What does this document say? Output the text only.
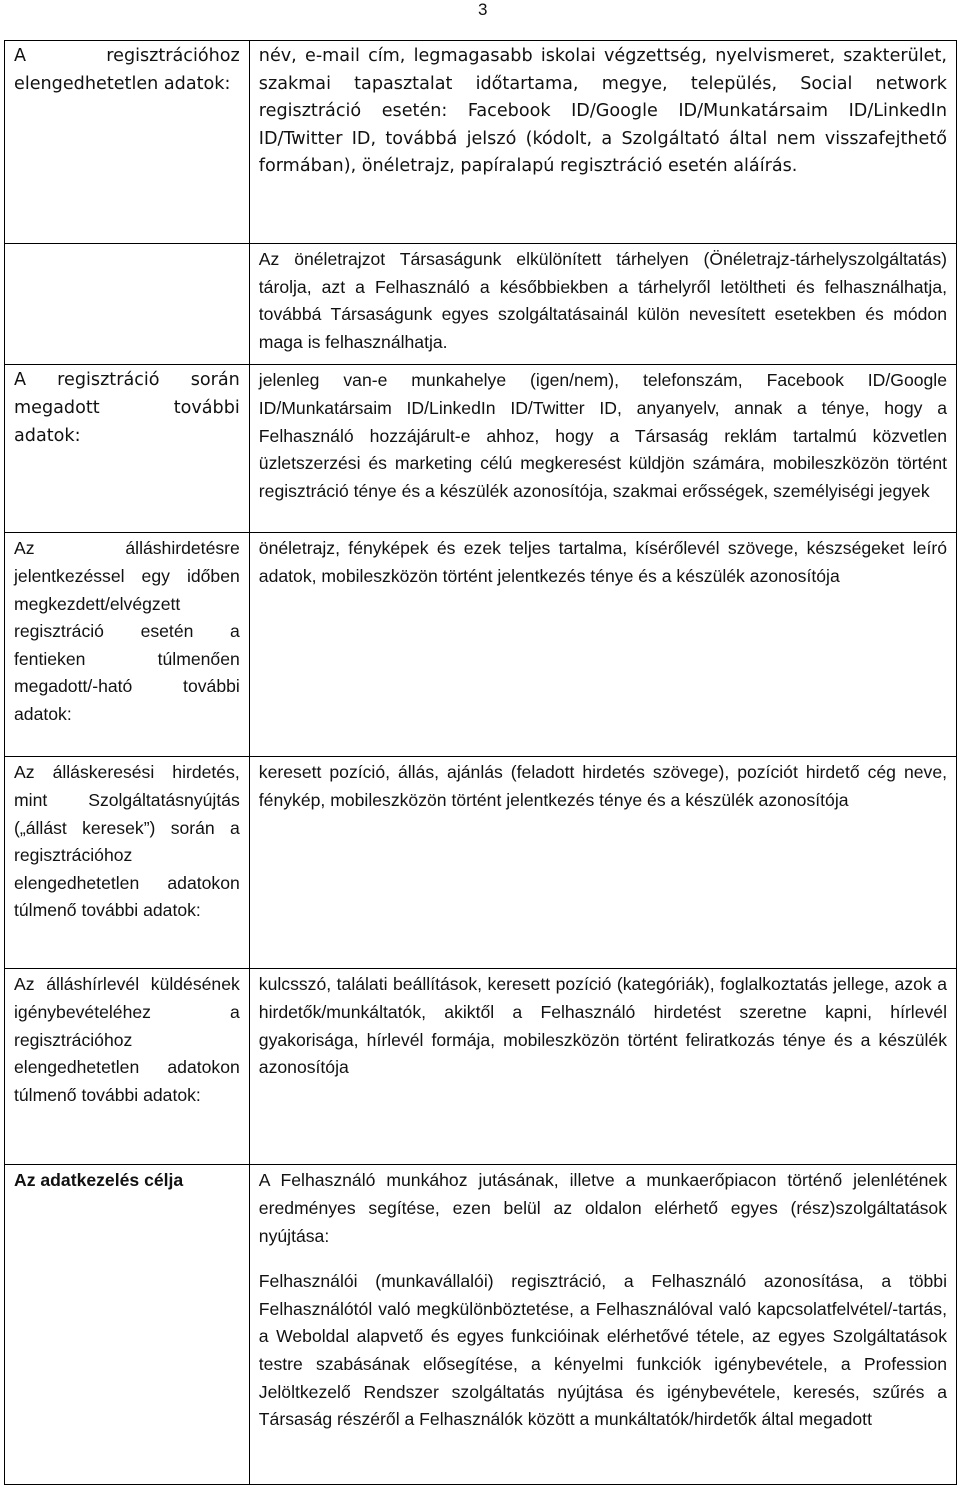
3
A regisztrációhoz elengedhetetlen adatok:	név, e-mail cím, legmagasabb iskolai végzettség, nyelvismeret, szakterület, szakmai tapasztalat időtartama, megye, település, Social network regisztráció esetén: Facebook ID/Google ID/Munkatársaim ID/LinkedIn ID/Twitter ID, továbbá jelszó (kódolt, a Szolgáltató által nem visszafejthető formában), önéletrajz, papíralapú regisztráció esetén aláírás.
	Az önéletrajzot Társaságunk elkülönített tárhelyen (Önéletrajz-tárhelyszolgáltatás) tárolja, azt a Felhasználó a későbbiekben a tárhelyről letöltheti és felhasználhatja, továbbá Társaságunk egyes szolgáltatásainál külön nevesített esetekben és módon maga is felhasználhatja.
A regisztráció során megadott további adatok:	jelenleg van-e munkahelye (igen/nem), telefonszám, Facebook ID/Google ID/Munkatársaim ID/LinkedIn ID/Twitter ID, anyanyelv, annak a ténye, hogy a Felhasználó hozzájárult-e ahhoz, hogy a Társaság reklám tartalmú közvetlen üzletszerzési és marketing célú megkeresést küldjön számára, mobileszközön történt regisztráció ténye és a készülék azonosítója, szakmai erősségek, személyiségi jegyek
Az álláshirdetésre jelentkezéssel egy időben megkezdett/elvégzett regisztráció esetén a fentieken túlmenően megadott/-ható további adatok:	önéletrajz, fényképek és ezek teljes tartalma, kísérőlevél szövege, készségeket leíró adatok, mobileszközön történt jelentkezés ténye és a készülék azonosítója
Az álláskeresési hirdetés, mint Szolgáltatásnyújtás („állást keresek”) során a regisztrációhoz elengedhetetlen adatokon túlmenő további adatok:	keresett pozíció, állás, ajánlás (feladott hirdetés szövege), pozíciót hirdető cég neve, fénykép, mobileszközön történt jelentkezés ténye és a készülék azonosítója
Az álláshírlevél küldésének igénybevételéhez a regisztrációhoz elengedhetetlen adatokon túlmenő további adatok:	kulcsszó, találati beállítások, keresett pozíció (kategóriák), foglalkoztatás jellege, azok a hirdetők/munkáltatók, akiktől a Felhasználó hirdetést szeretne kapni, hírlevél gyakorisága, hírlevél formája, mobileszközön történt feliratkozás ténye és a készülék azonosítója
Az adatkezelés célja	A Felhasználó munkához jutásának, illetve a munkaerőpiacon történő jelenlétének eredményes segítése, ezen belül az oldalon elérhető egyes (rész)szolgáltatások nyújtása:

Felhasználói (munkavállalói) regisztráció, a Felhasználó azonosítása, a többi Felhasználótól való megkülönböztetése, a Felhasználóval való kapcsolatfelvétel/-tartás, a Weboldal alapvető és egyes funkcióinak elérhetővé tétele, az egyes Szolgáltatások testre szabásának elősegítése, a kényelmi funkciók igénybevétele, a Profession Jelöltkezelő Rendszer szolgáltatás nyújtása és igénybevétele, keresés, szűrés a Társaság részéről a Felhasználók között a munkáltatók/hirdetők által megadott
